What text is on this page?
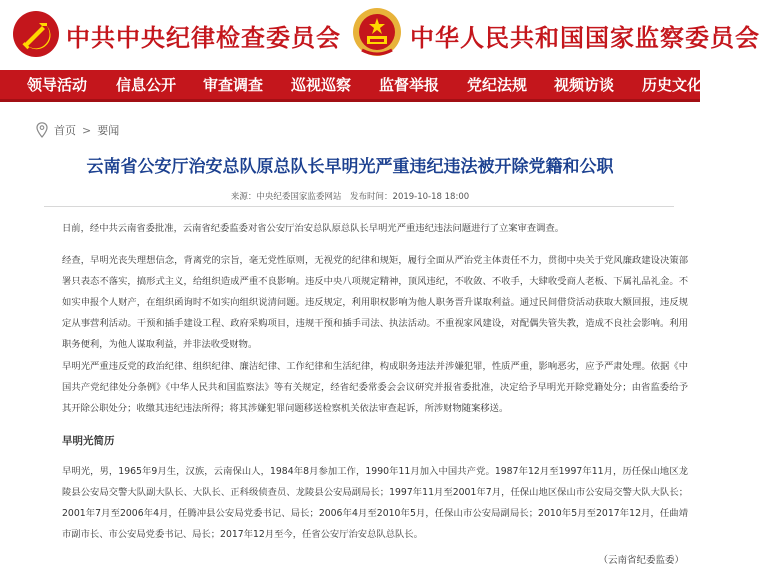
中共中央纪律检查委员会	中华人民共和国国家监察委员会
领导活动 信息公开 审查调查 巡视巡察 监督举报 党纪法规 视频访谈 历史文化
首页 > 要闻
云南省公安厅治安总队原总队长早明光严重违纪违法被开除党籍和公职
来源：中央纪委国家监委网站 发布时间：2019-10-18 18:00

日前，经中共云南省委批准，云南省纪委监委对省公安厅治安总队原总队长早明光严重违纪违法问题进行了立案审查调查。

经查，早明光丧失理想信念，背离党的宗旨，毫无党性原则，无视党的纪律和规矩，履行全面从严治党主体责任不力，贯彻中央关于党风廉政建设决策部署只表态不落实，搞形式主义，给组织造成严重不良影响。违反中央八项规定精神，顶风违纪，不收敛、不收手，大肆收受商人老板、下属礼品礼金。不如实申报个人财产，在组织函询时不如实向组织说清问题。违反规定，利用职权影响为他人职务晋升谋取利益。通过民间借贷活动获取大额回报，违反规定从事营利活动。干预和插手建设工程、政府采购项目，违规干预和插手司法、执法活动。不重视家风建设，对配偶失管失教，造成不良社会影响。利用职务便利，为他人谋取利益，并非法收受财物。

早明光严重违反党的政治纪律、组织纪律、廉洁纪律、工作纪律和生活纪律，构成职务违法并涉嫌犯罪，性质严重，影响恶劣，应予严肃处理。依据《中国共产党纪律处分条例》《中华人民共和国监察法》等有关规定，经省纪委常委会会议研究并报省委批准，决定给予早明光开除党籍处分；由省监委给予其开除公职处分；收缴其违纪违法所得；将其涉嫌犯罪问题移送检察机关依法审查起诉，所涉财物随案移送。

早明光简历

早明光，男，1965年9月生，汉族，云南保山人，1984年8月参加工作，1990年11月加入中国共产党。1987年12月至1997年11月，历任保山地区龙陵县公安局交警大队副大队长、大队长、正科级侦查员、龙陵县公安局副局长；1997年11月至2001年7月，任保山地区保山市公安局交警大队大队长；2001年7月至2006年4月，任腾冲县公安局党委书记、局长；2006年4月至2010年5月，任保山市公安局副局长；2010年5月至2017年12月，任曲靖市副市长、市公安局党委书记、局长；2017年12月至今，任省公安厅治安总队总队长。

（云南省纪委监委）
